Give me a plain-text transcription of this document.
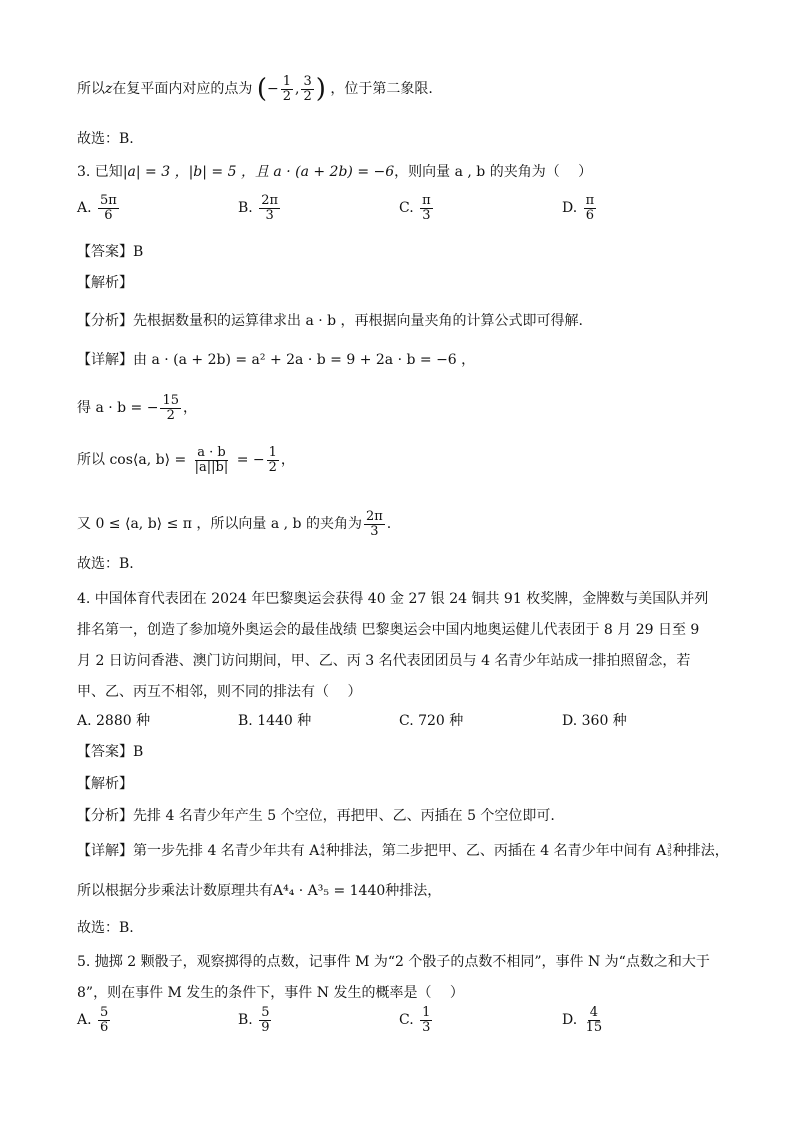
所以z在复平面内对应的点为 (− $\frac{1}{2}$ , $\frac{3}{2}$ ) ，位于第二象限.
故选：B.
3. 已知|a| = 3 ，|b| = 5 ，且 a · (a + 2b) = −6，则向量 a , b 的夹角为（　 ）
A. $\frac{5\pi}{6}$	B. $\frac{2\pi}{3}$	C. $\frac{\pi}{3}$	D. $\frac{\pi}{6}$
【答案】B
【解析】
【分析】先根据数量积的运算律求出 a · b ，再根据向量夹角的计算公式即可得解.
【详解】由 a · (a + 2b) = a² + 2a · b = 9 + 2a · b = −6 ，
得 a · b = − $\frac{15}{2}$ ，
所以 cos⟨a, b⟩ = $\frac{a \cdot b}{|a||b|}$ = − $\frac{1}{2}$ ，
又 0 ≤ ⟨a, b⟩ ≤ π ，所以向量 a , b 的夹角为 $\frac{2\pi}{3}$ .
故选：B.
4. 中国体育代表团在 2024 年巴黎奥运会获得 40 金 27 银 24 铜共 91 枚奖牌，金牌数与美国队并列排名第一，创造了参加境外奥运会的最佳战绩 巴黎奥运会中国内地奥运健儿代表团于 8 月 29 日至 9 月 2 日访问香港、澳门访问期间，甲、乙、丙 3 名代表团团员与 4 名青少年站成一排拍照留念，若甲、乙、丙互不相邻，则不同的排法有（　 ）
A. 2880 种	B. 1440 种	C. 720 种	D. 360 种
【答案】B
【解析】
【分析】先排 4 名青少年产生 5 个空位，再把甲、乙、丙插在 5 个空位即可.
【详解】第一步先排 4 名青少年共有 A 4
4 种排法，第二步把甲、乙、丙插在 4 名青少年中间有 A 3
5 种排法，
所以根据分步乘法计数原理共有A⁴₄ · A³₅ = 1440种排法，
故选：B.
5. 抛掷 2 颗骰子，观察掷得的点数，记事件 M 为“2 个骰子的点数不相同”，事件 N 为“点数之和大于 8”，则在事件 M 发生的条件下，事件 N 发生的概率是（　 ）
A. $\frac{5}{6}$	B. $\frac{5}{9}$	C. $\frac{1}{3}$	D. $\frac{4}{15}$
